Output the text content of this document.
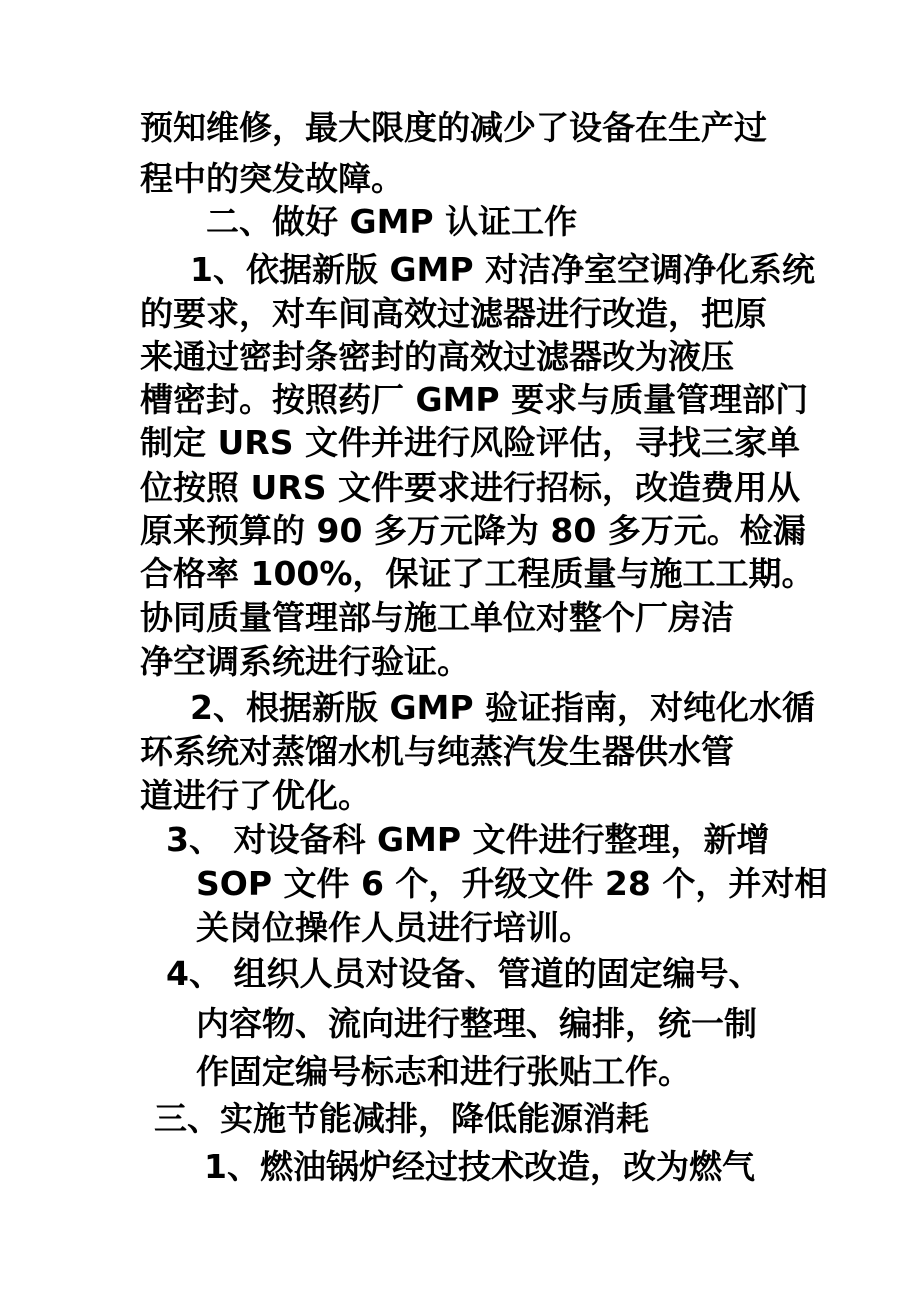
预知维修，最大限度的减少了设备在生产过
程中的突发故障。
二、做好 GMP 认证工作
1、依据新版 GMP 对洁净室空调净化系统
的要求，对车间高效过滤器进行改造，把原
来通过密封条密封的高效过滤器改为液压
槽密封。按照药厂 GMP 要求与质量管理部门
制定 URS 文件并进行风险评估，寻找三家单
位按照 URS 文件要求进行招标，改造费用从
原来预算的 90 多万元降为 80 多万元。检漏
合格率 100%，保证了工程质量与施工工期。
协同质量管理部与施工单位对整个厂房洁
净空调系统进行验证。
2、根据新版 GMP 验证指南，对纯化水循
环系统对蒸馏水机与纯蒸汽发生器供水管
道进行了优化。
3、 对设备科 GMP 文件进行整理，新增
SOP 文件 6 个，升级文件 28 个，并对相
关岗位操作人员进行培训。
4、 组织人员对设备、管道的固定编号、
内容物、流向进行整理、编排，统一制
作固定编号标志和进行张贴工作。
三、实施节能减排，降低能源消耗
1、燃油锅炉经过技术改造，改为燃气
